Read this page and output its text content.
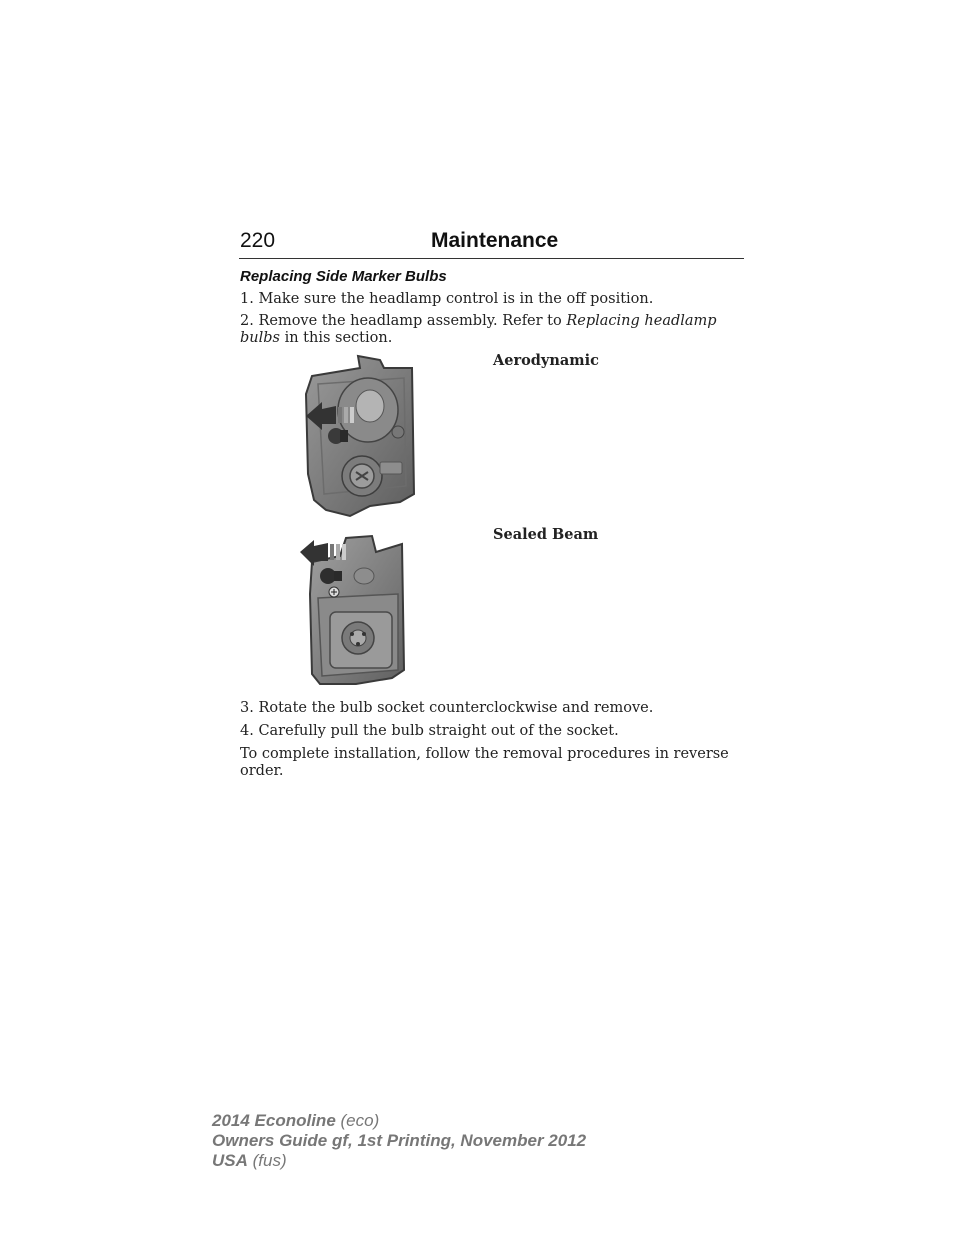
220	Maintenance
Replacing Side Marker Bulbs
1. Make sure the headlamp control is in the off position.
2. Remove the headlamp assembly. Refer to Replacing headlamp bulbs in this section.
Aerodynamic
Sealed Beam
3. Rotate the bulb socket counterclockwise and remove.
4. Carefully pull the bulb straight out of the socket.
To complete installation, follow the removal procedures in reverse order.
2014 Econoline (eco)
Owners Guide gf, 1st Printing, November 2012
USA (fus)
